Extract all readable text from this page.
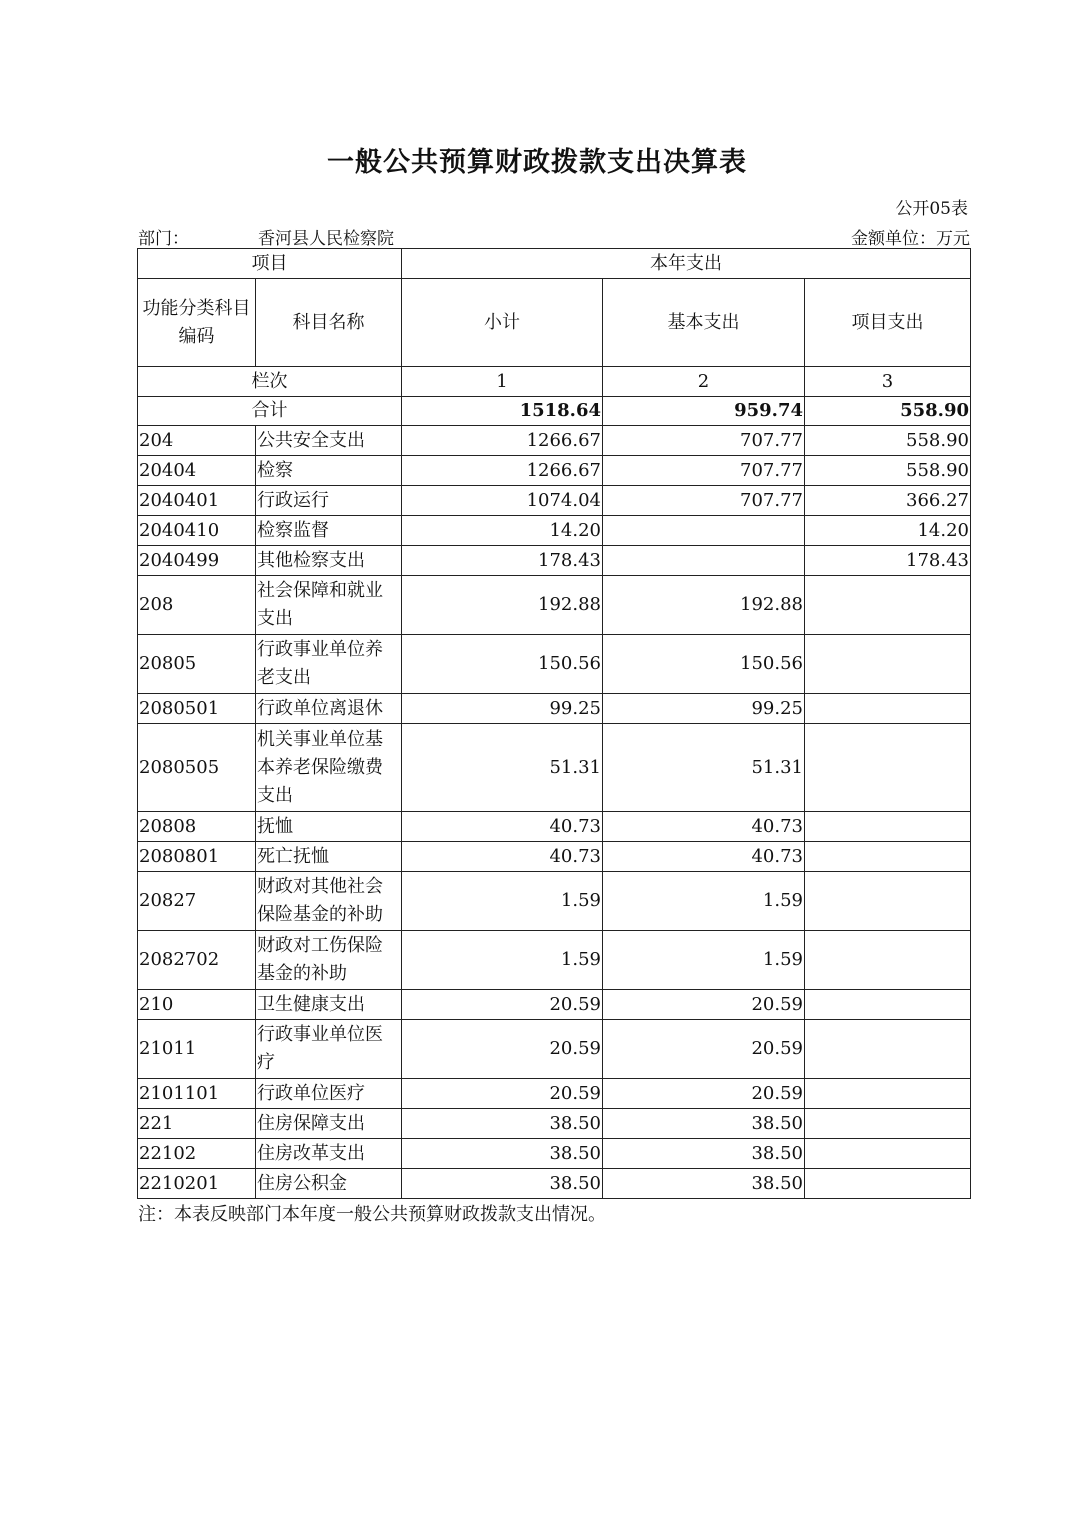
一般公共预算财政拨款支出决算表
公开05表
部门：	香河县人民检察院	金额单位：万元
项目		本年支出		
功能分类科目编码	科目名称	小计	基本支出	项目支出
栏次		1	2	3
合计		1518.64	959.74	558.90
204	公共安全支出	1266.67	707.77	558.90
20404	检察	1266.67	707.77	558.90
2040401	行政运行	1074.04	707.77	366.27
2040410	检察监督	14.20		14.20
2040499	其他检察支出	178.43		178.43
208	社会保障和就业支出	192.88	192.88	
20805	行政事业单位养老支出	150.56	150.56	
2080501	行政单位离退休	99.25	99.25	
2080505	机关事业单位基本养老保险缴费支出	51.31	51.31	
20808	抚恤	40.73	40.73	
2080801	死亡抚恤	40.73	40.73	
20827	财政对其他社会保险基金的补助	1.59	1.59	
2082702	财政对工伤保险基金的补助	1.59	1.59	
210	卫生健康支出	20.59	20.59	
21011	行政事业单位医疗	20.59	20.59	
2101101	行政单位医疗	20.59	20.59	
221	住房保障支出	38.50	38.50	
22102	住房改革支出	38.50	38.50	
2210201	住房公积金	38.50	38.50	
注：本表反映部门本年度一般公共预算财政拨款支出情况。
